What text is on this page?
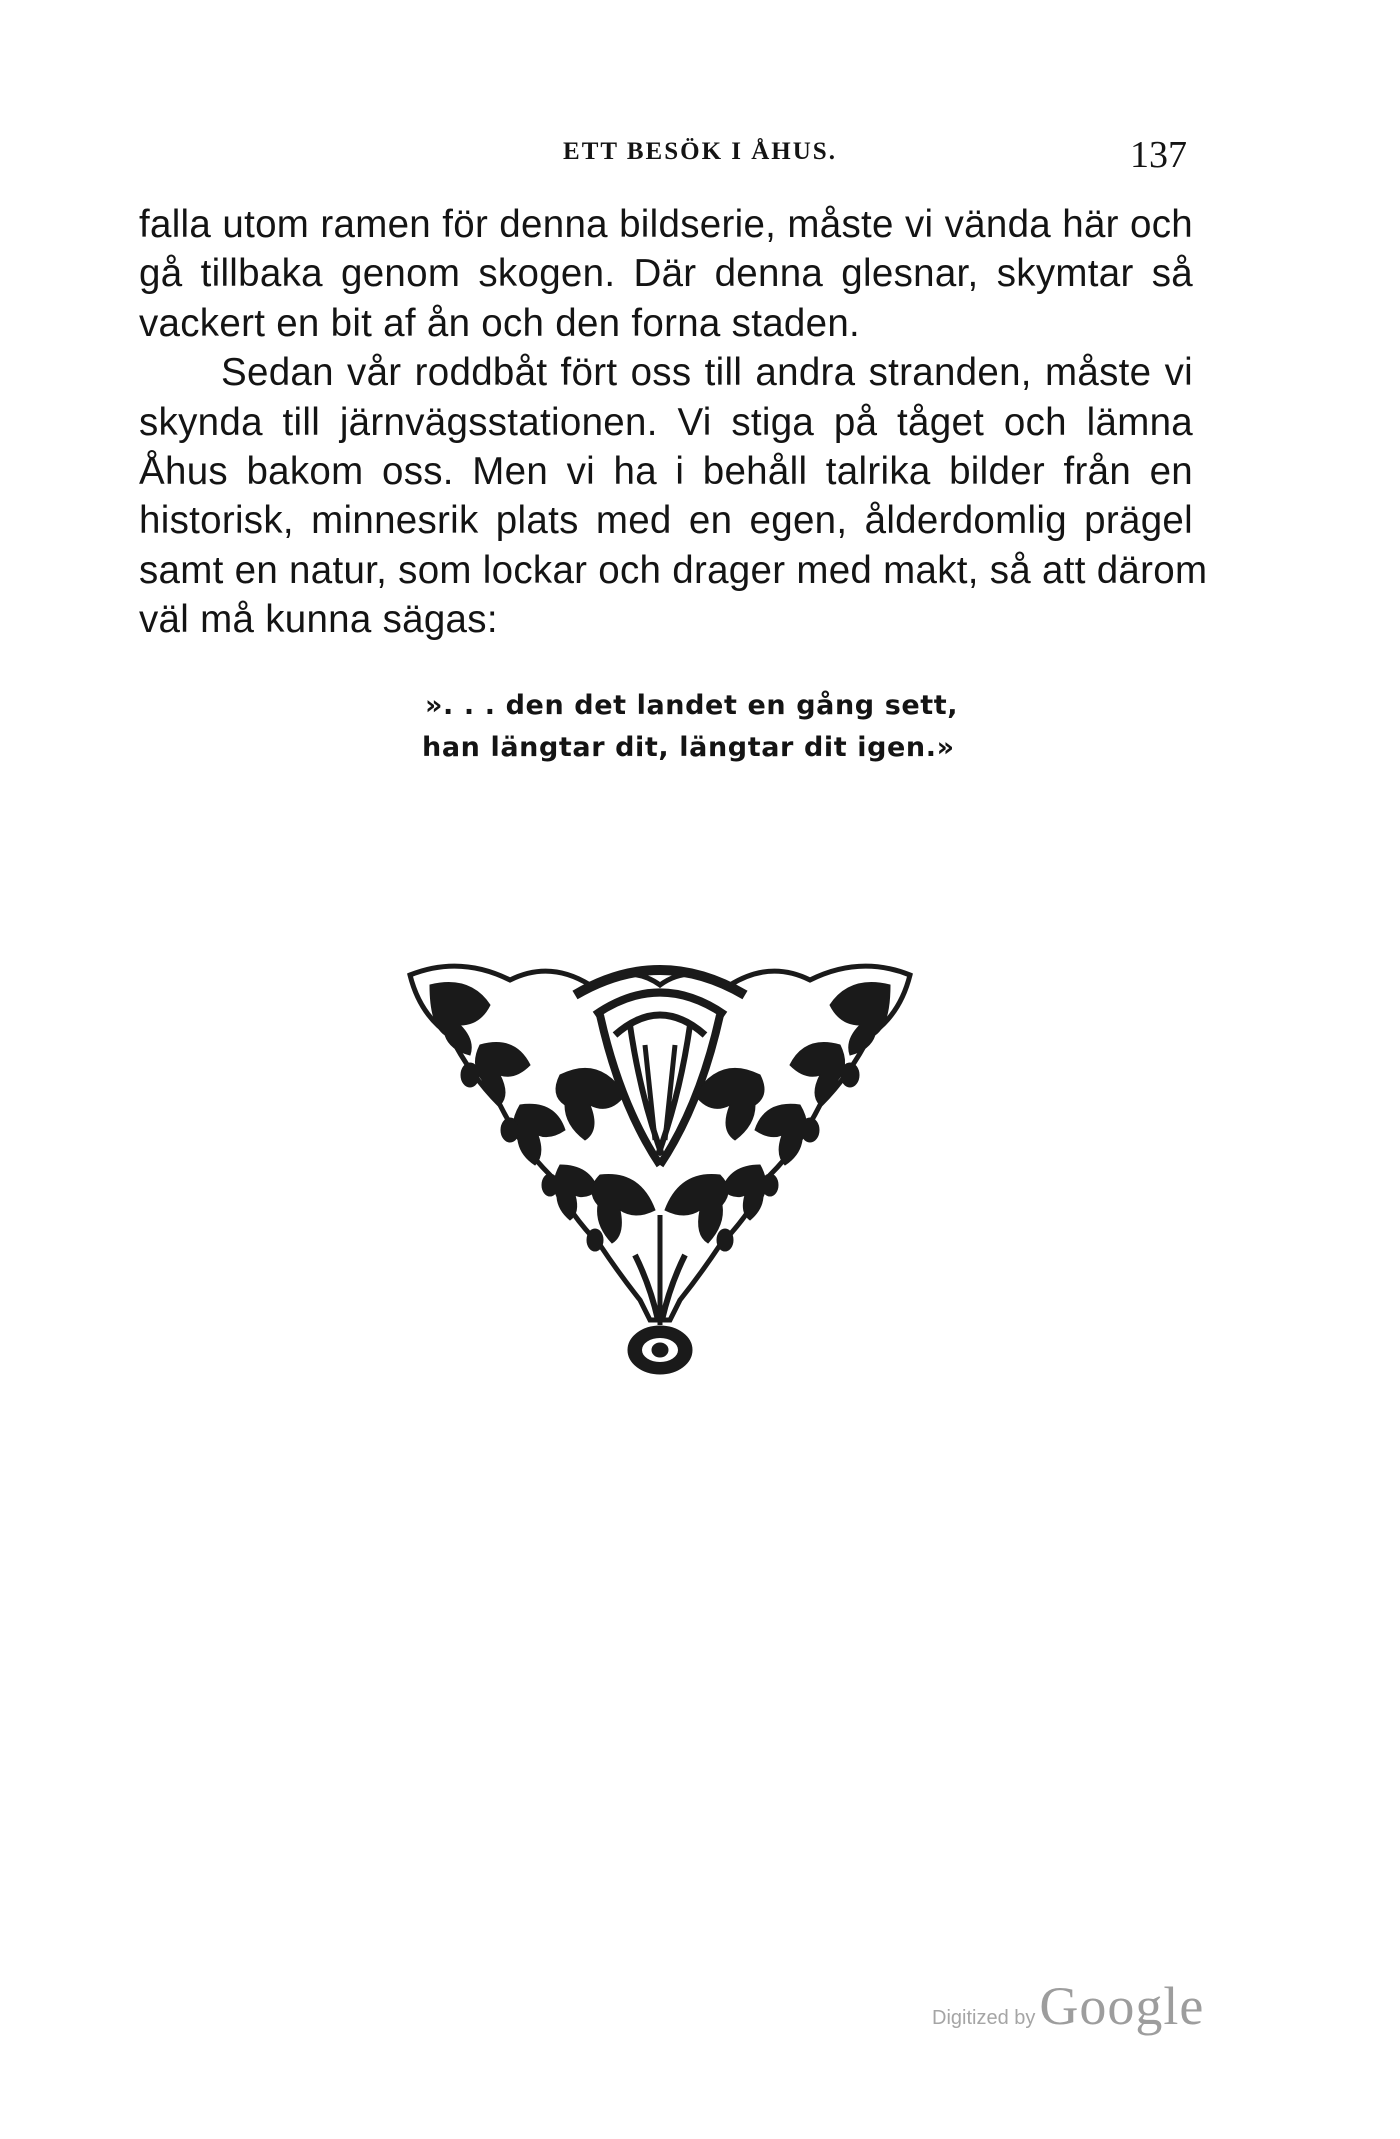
ETT BESÖK I ÅHUS.	137
falla utom ramen för denna bildserie, måste vi vända här och
gå tillbaka genom skogen. Där denna glesnar, skymtar så
vackert en bit af ån och den forna staden.
Sedan vår roddbåt fört oss till andra stranden, måste vi
skynda till järnvägsstationen. Vi stiga på tåget och lämna
Åhus bakom oss. Men vi ha i behåll talrika bilder från en
historisk, minnesrik plats med en egen, ålderdomlig prägel
samt en natur, som lockar och drager med makt, så att därom
väl må kunna sägas:
». . . den det landet en gång sett,
han längtar dit, längtar dit igen.»
Digitized by Google
